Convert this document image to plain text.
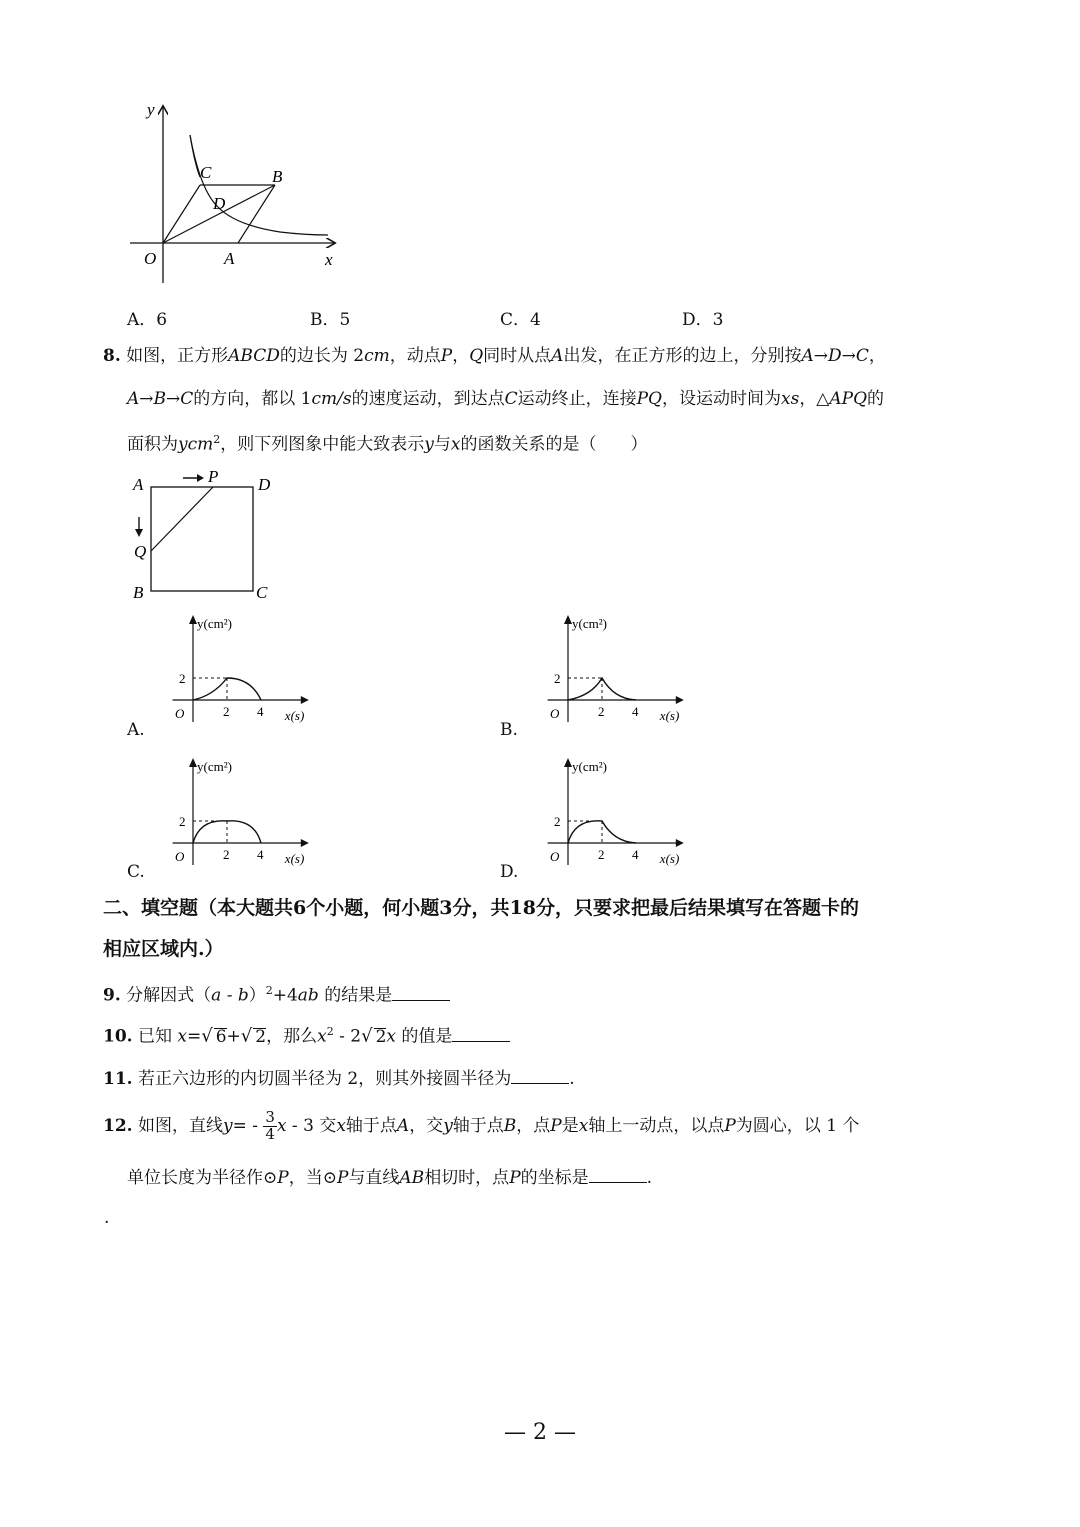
y
x
O	A
B
C
D
A．6	B．5	C．4	D．3
8. 如图，正方形ABCD的边长为 2cm，动点P，Q同时从点A出发，在正方形的边上，分别按A→D→C，
A→B→C的方向，都以 1cm/s的速度运动，到达点C运动终止，连接PQ，设运动时间为xs，△APQ的
面积为ycm$^2$，则下列图象中能大致表示y与x的函数关系的是（　　）
A	D
B	C
P
Q
y(cm²)
x(s)
O
2
2 4
A.
y(cm²)
x(s)
O
2
2 4
B.
y(cm²)
x(s)
O
2
2 4
C.
y(cm²)
x(s)
O
2
2 4
D.
二、填空题（本大题共6个小题，何小题3分，共18分，只要求把最后结果填写在答题卡的
相应区域内.）
9. 分解因式（a - b）$^2$+4ab 的结果是
10. 已知 x=√ 6+√ 2，那么$x^2 - 2√$ 2x 的值是
11. 若正六边形的内切圆半径为 2，则其外接圆半径为	.
12. 如图，直线$y= - \frac{3}{4}$ x - 3 交x轴于点A，交y轴于点B，点P是x轴上一动点，以点P为圆心，以 1 个
单位长度为半径作⊙P，当⊙P与直线AB相切时，点P的坐标是	.
.
— 2 —
